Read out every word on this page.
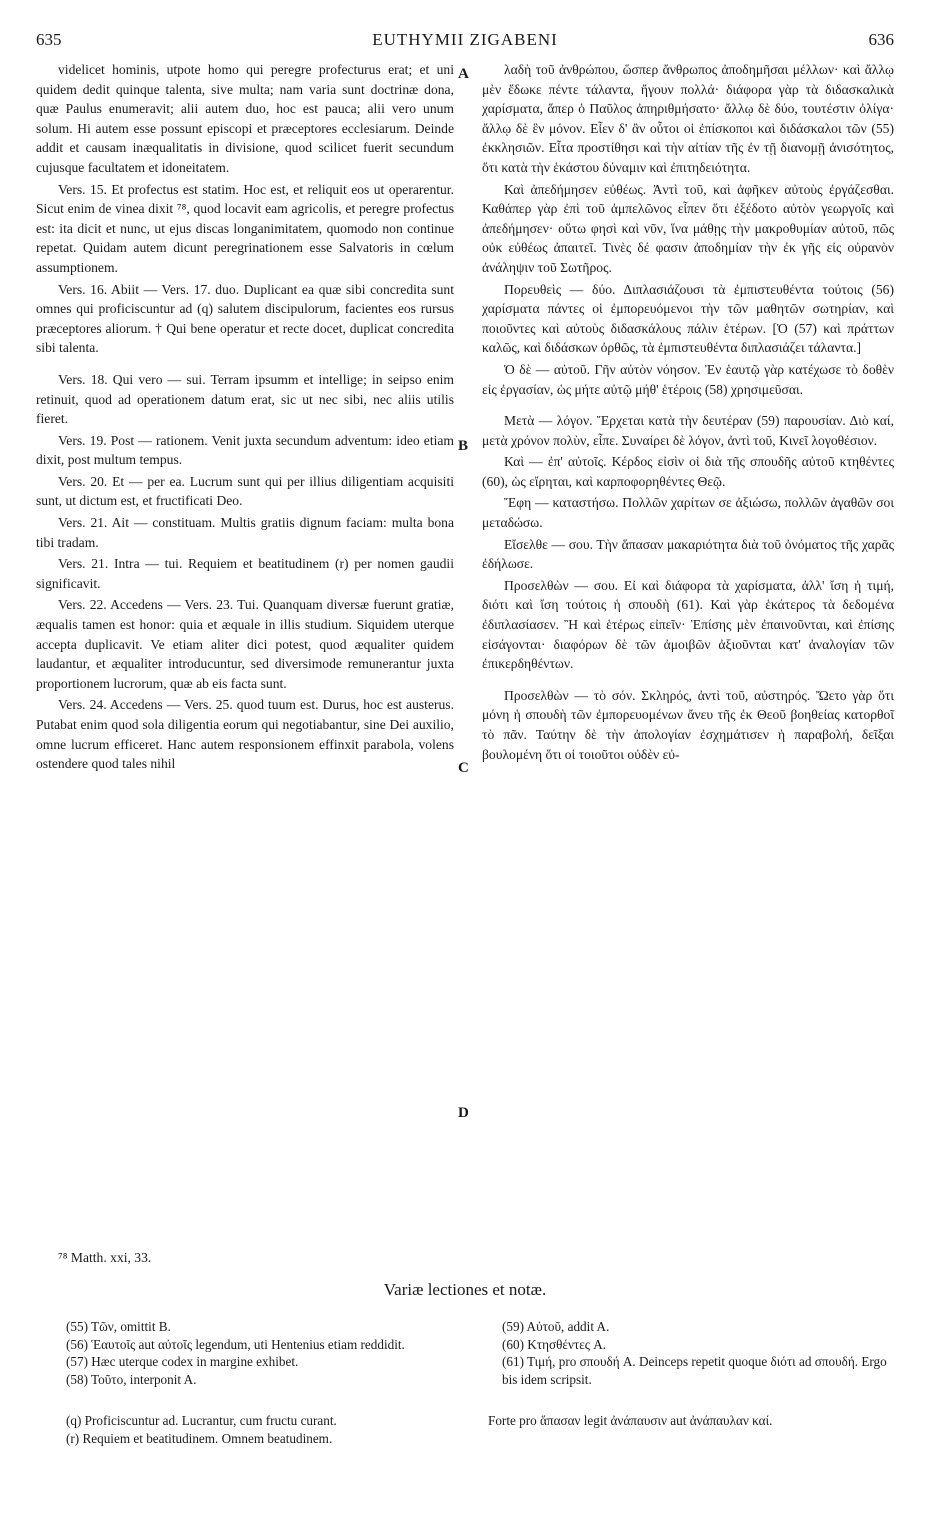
635	EUTHYMII ZIGABENI	636

videlicet hominis, utpote homo qui peregre profecturus erat; et uni quidem dedit quinque talenta, sive multa; nam varia sunt doctrinæ dona, quæ Paulus enumeravit; alii autem duo, hoc est pauca; alii vero unum solum. Hi autem esse possunt episcopi et præceptores ecclesiarum. Deinde addit et causam inæqualitatis in divisione, quod scilicet fuerit secundum cujusque facultatem et idoneitatem.

Vers. 15. Et profectus est statim. Hoc est, et reliquit eos ut operarentur. Sicut enim de vinea dixit ⁷⁸, quod locavit eam agricolis, et peregre profectus est: ita dicit et nunc, ut ejus discas longanimitatem, quomodo non continue repetat. Quidam autem dicunt peregrinationem esse Salvatoris in cœlum assumptionem.

Vers. 16. Abiit — Vers. 17. duo. Duplicant ea quæ sibi concredita sunt omnes qui proficiscuntur ad (q) salutem discipulorum, facientes eos rursus præceptores aliorum. † Qui bene operatur et recte docet, duplicat concredita sibi talenta.

Vers. 18. Qui vero — sui. Terram ipsumm et intellige; in seipso enim retinuit, quod ad operationem datum erat, sic ut nec sibi, nec aliis utilis fieret.

Vers. 19. Post — rationem. Venit juxta secundum adventum: ideo etiam dixit, post multum tempus.

Vers. 20. Et — per ea. Lucrum sunt qui per illius diligentiam acquisiti sunt, ut dictum est, et fructificati Deo.

Vers. 21. Ait — constituam. Multis gratiis dignum faciam: multa bona tibi tradam.

Vers. 21. Intra — tui. Requiem et beatitudinem (r) per nomen gaudii significavit.

Vers. 22. Accedens — Vers. 23. Tui. Quanquam diversæ fuerunt gratiæ, æqualis tamen est honor: quia et æquale in illis studium. Siquidem uterque accepta duplicavit. Ve etiam aliter dici potest, quod æqualiter quidem laudantur, et æqualiter introducuntur, sed diversimode remunerantur juxta proportionem lucrorum, quæ ab eis facta sunt.

Vers. 24. Accedens — Vers. 25. quod tuum est. Durus, hoc est austerus. Putabat enim quod sola diligentia eorum qui negotiabantur, sine Dei auxilio, omne lucrum efficeret. Hanc autem responsionem effinxit parabola, volens ostendere quod tales nihil

A
B
C
D

λαδὴ τοῦ ἀνθρώπου, ὥσπερ ἄνθρωπος ἀποδημῆσαι μέλλων· καὶ ἄλλῳ μὲν ἔδωκε πέντε τάλαντα, ἤγουν πολλά· διάφορα γὰρ τὰ διδασκαλικὰ χαρίσματα, ἅπερ ὁ Παῦλος ἀπηριθμήσατο· ἄλλῳ δὲ δύο, τουτέστιν ὀλίγα· ἄλλῳ δὲ ἓν μόνον. Εἶεν δ' ἂν οὗτοι οἱ ἐπίσκοποι καὶ διδάσκαλοι τῶν (55) ἐκκλησιῶν. Εἶτα προστίθησι καὶ τὴν αἰτίαν τῆς ἐν τῇ διανομῇ ἀνισότητος, ὅτι κατὰ τὴν ἑκάστου δύναμιν καὶ ἐπιτηδειότητα.

Καὶ ἀπεδήμησεν εὐθέως. Ἀντὶ τοῦ, καὶ ἀφῆκεν αὐτοὺς ἐργάζεσθαι. Καθάπερ γὰρ ἐπὶ τοῦ ἀμπελῶνος εἶπεν ὅτι ἐξέδοτο αὐτὸν γεωργοῖς καὶ ἀπεδήμησεν· οὕτω φησὶ καὶ νῦν, ἵνα μάθῃς τὴν μακροθυμίαν αὐτοῦ, πῶς οὐκ εὐθέως ἀπαιτεῖ. Τινὲς δέ φασιν ἀποδημίαν τὴν ἐκ γῆς εἰς οὐρανὸν ἀνάληψιν τοῦ Σωτῆρος.

Πορευθεὶς — δύο. Διπλασιάζουσι τὰ ἐμπιστευθέντα τούτοις (56) χαρίσματα πάντες οἱ ἐμπορευόμενοι τὴν τῶν μαθητῶν σωτηρίαν, καὶ ποιοῦντες καὶ αὐτοὺς διδασκάλους πάλιν ἑτέρων. [Ὁ (57) καὶ πράττων καλῶς, καὶ διδάσκων ὀρθῶς, τὰ ἐμπιστευθέντα διπλασιάζει τάλαντα.]

Ὁ δὲ — αὐτοῦ. Γῆν αὐτὸν νόησον. Ἐν ἑαυτῷ γὰρ κατέχωσε τὸ δοθὲν εἰς ἐργασίαν, ὡς μήτε αὐτῷ μήθ' ἑτέροις (58) χρησιμεῦσαι.

Μετὰ — λόγον. Ἔρχεται κατὰ τὴν δευτέραν (59) παρουσίαν. Διὸ καί, μετὰ χρόνον πολὺν, εἶπε. Συναίρει δὲ λόγον, ἀντὶ τοῦ, Κινεῖ λογοθέσιον.

Καὶ — ἐπ' αὐτοῖς. Κέρδος εἰσὶν οἱ διὰ τῆς σπουδῆς αὐτοῦ κτηθέντες (60), ὡς εἴρηται, καὶ καρποφορηθέντες Θεῷ.

Ἔφη — καταστήσω. Πολλῶν χαρίτων σε ἀξιώσω, πολλῶν ἀγαθῶν σοι μεταδώσω.

Εἴσελθε — σου. Τὴν ἅπασαν μακαριότητα διὰ τοῦ ὀνόματος τῆς χαρᾶς ἐδήλωσε.

Προσελθὼν — σου. Εἰ καὶ διάφορα τὰ χαρίσματα, ἀλλ' ἴση ἡ τιμή, διότι καὶ ἴση τούτοις ἡ σπουδὴ (61). Καὶ γὰρ ἑκάτερος τὰ δεδομένα ἐδιπλασίασεν. Ἢ καὶ ἑτέρως εἰπεῖν· Ἐπίσης μὲν ἐπαινοῦνται, καὶ ἐπίσης εἰσάγονται· διαφόρων δὲ τῶν ἀμοιβῶν ἀξιοῦνται κατ' ἀναλογίαν τῶν ἐπικερδηθέντων.

Προσελθὼν — τὸ σόν. Σκληρός, ἀντὶ τοῦ, αὐστηρός. Ὤετο γὰρ ὅτι μόνη ἡ σπουδὴ τῶν ἐμπορευομένων ἄνευ τῆς ἐκ Θεοῦ βοηθείας κατορθοῖ τὸ πᾶν. Ταύτην δὲ τὴν ἀπολογίαν ἐσχημάτισεν ἡ παραβολή, δεῖξαι βουλομένη ὅτι οἱ τοιοῦτοι οὐδὲν εὐ-

⁷⁸ Matth. xxi, 33.
Variæ lectiones et notæ.
(55) Τῶν, omittit B.
(56) Ἑαυτοῖς aut αὐτοῖς legendum, uti Hentenius etiam reddidit.
(57) Hæc uterque codex in margine exhibet.
(58) Τοῦτο, interponit A.
(59) Αὐτοῦ, addit A.
(60) Κτησθέντες A.
(61) Τιμή, pro σπουδή A. Deinceps repetit quoque διότι ad σπουδή. Ergo bis idem scripsit.
(q) Proficiscuntur ad. Lucrantur, cum fructu curant.
(r) Requiem et beatitudinem. Omnem beatudinem.
Forte pro ἅπασαν legit ἀνάπαυσιν aut ἀνάπαυλαν καί.
